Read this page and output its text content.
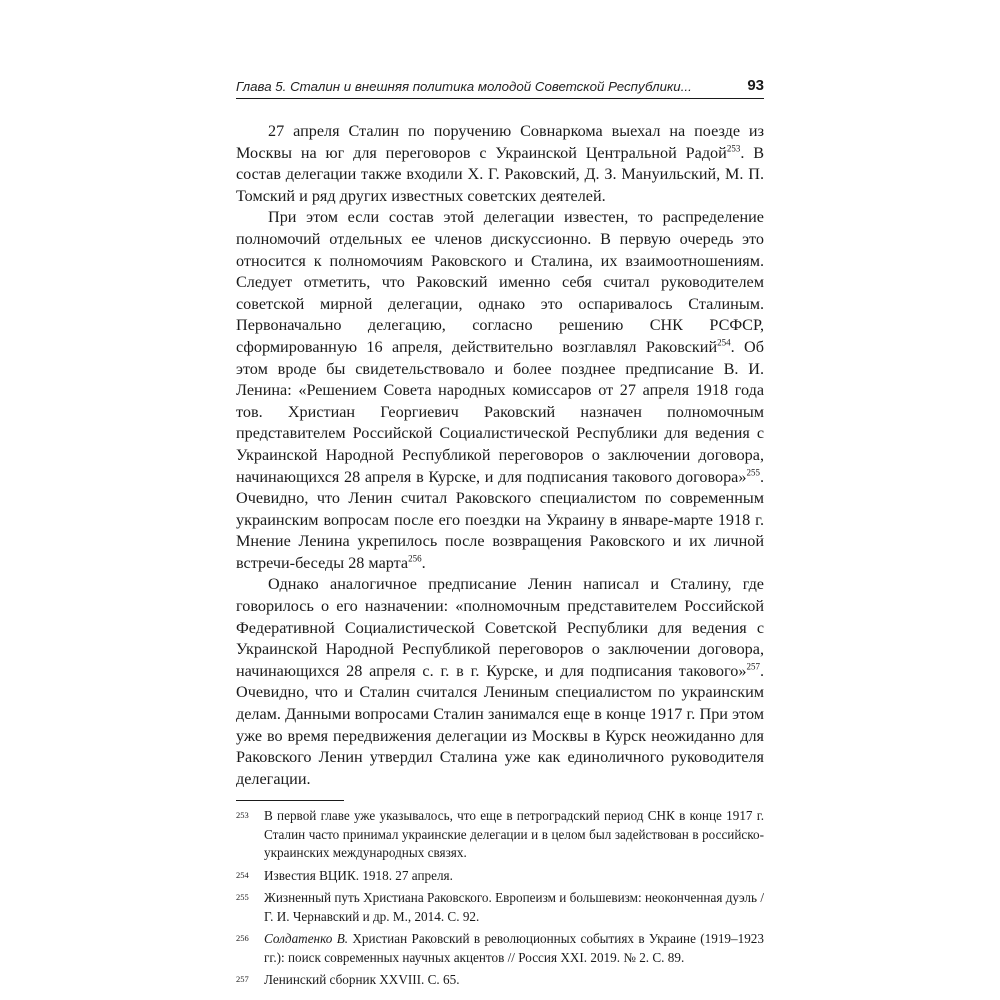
Глава 5. Сталин и внешняя политика молодой Советской Республики...	93

27 апреля Сталин по поручению Совнаркома выехал на поезде из Москвы на юг для переговоров с Украинской Центральной Радой$^{253}$. В состав делегации также входили Х. Г. Раковский, Д. З. Мануильский, М. П. Томский и ряд других известных советских деятелей.

При этом если состав этой делегации известен, то распределение полномочий отдельных ее членов дискуссионно. В первую очередь это относится к полномочиям Раковского и Сталина, их взаимоотношениям. Следует отметить, что Раковский именно себя считал руководителем советской мирной делегации, однако это оспаривалось Сталиным. Первоначально делегацию, согласно решению СНК РСФСР, сформированную 16 апреля, действительно возглавлял Раковский$^{254}$. Об этом вроде бы свидетельствовало и более позднее предписание В. И. Ленина: «Решением Совета народных комиссаров от 27 апреля 1918 года тов. Христиан Георгиевич Раковский назначен полномочным представителем Российской Социалистической Республики для ведения с Украинской Народной Республикой переговоров о заключении договора, начинающихся 28 апреля в Курске, и для подписания такового договора»$^{255}$. Очевидно, что Ленин считал Раковского специалистом по современным украинским вопросам после его поездки на Украину в январе-марте 1918 г. Мнение Ленина укрепилось после возвращения Раковского и их личной встречи-беседы 28 марта$^{256}$.

Однако аналогичное предписание Ленин написал и Сталину, где говорилось о его назначении: «полномочным представителем Российской Федеративной Социалистической Советской Республики для ведения с Украинской Народной Республикой переговоров о заключении договора, начинающихся 28 апреля с. г. в г. Курске, и для подписания такового»$^{257}$. Очевидно, что и Сталин считался Лениным специалистом по украинским делам. Данными вопросами Сталин занимался еще в конце 1917 г. При этом уже во время передвижения делегации из Москвы в Курск неожиданно для Раковского Ленин утвердил Сталина уже как единоличного руководителя делегации.

253	В первой главе уже указывалось, что еще в петроградский период СНК в конце 1917 г. Сталин часто принимал украинские делегации и в целом был задействован в российско-украинских международных связях.
254	Известия ВЦИК. 1918. 27 апреля.
255	Жизненный путь Христиана Раковского. Европеизм и большевизм: неоконченная дуэль / Г. И. Чернавский и др. М., 2014. С. 92.
256	Солдатенко В. Христиан Раковский в революционных событиях в Украине (1919–1923 гг.): поиск современных научных акцентов // Россия XXI. 2019. № 2. С. 89.
257	Ленинский сборник XXVIII. С. 65.
